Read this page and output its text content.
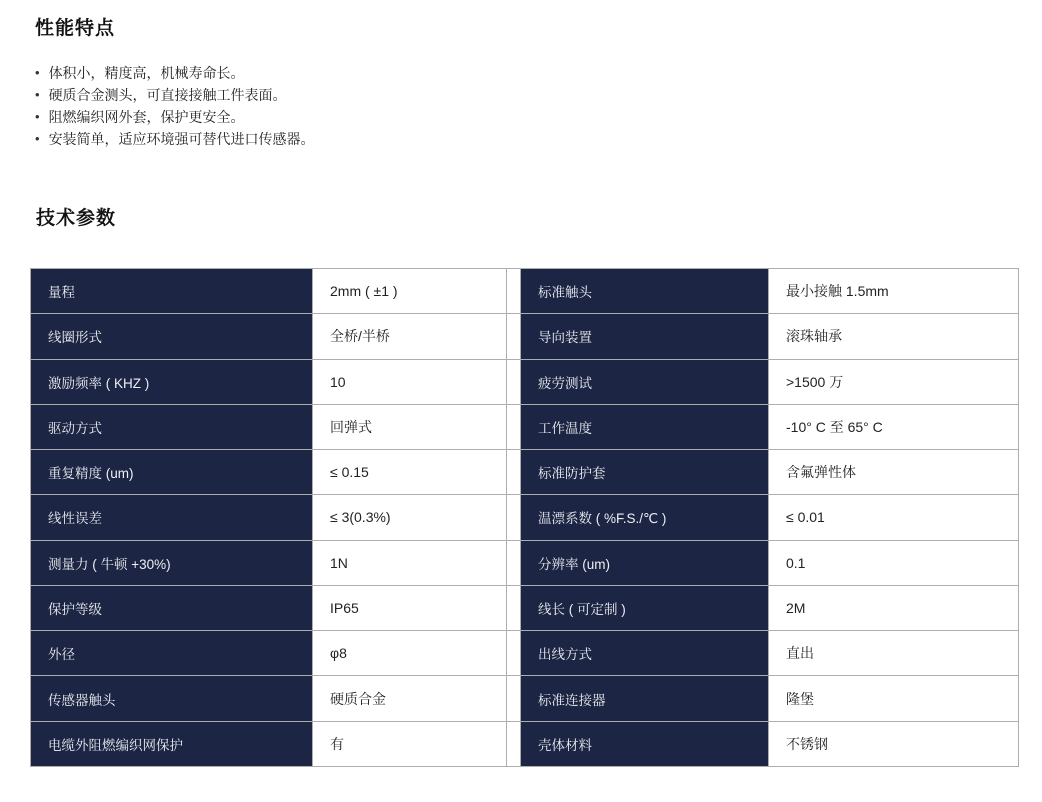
性能特点
• 体积小，精度高，机械寿命长。
• 硬质合金测头，可直接接触工件表面。
• 阻燃编织网外套，保护更安全。
• 安装简单，适应环境强可替代进口传感器。
技术参数
量程	2mm ( ±1 )		标准触头	最小接触 1.5mm
线圈形式	全桥/半桥		导向装置	滚珠轴承
激励频率 ( KHZ )	10		疲劳测试	>1500 万
驱动方式	回弹式		工作温度	-10° C 至 65° C
重复精度 (um)	≤ 0.15		标准防护套	含氟弹性体
线性误差	≤ 3(0.3%)		温漂系数 ( %F.S./℃ )	≤ 0.01
测量力 ( 牛顿 +30%)	1N		分辨率 (um)	0.1
保护等级	IP65		线长 ( 可定制 )	2M
外径	φ8		出线方式	直出
传感器触头	硬质合金		标准连接器	隆堡
电缆外阻燃编织网保护	有		壳体材料	不锈钢
